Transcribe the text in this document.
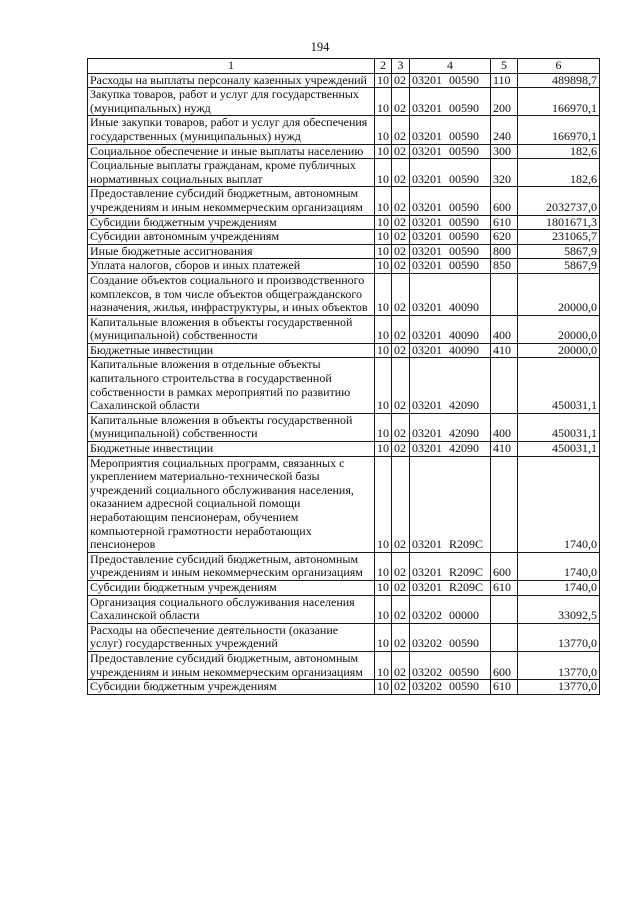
194
1	2	3	4	5	6
Расходы на выплаты персоналу казенных учреждений	10	02	03201 00590	110	489898,7
Закупка товаров, работ и услуг для государственных (муниципальных) нужд	10	02	03201 00590	200	166970,1
Иные закупки товаров, работ и услуг для обеспечения государственных (муниципальных) нужд	10	02	03201 00590	240	166970,1
Социальное обеспечение и иные выплаты населению	10	02	03201 00590	300	182,6
Социальные выплаты гражданам, кроме публичных нормативных социальных выплат	10	02	03201 00590	320	182,6
Предоставление субсидий бюджетным, автономным учреждениям и иным некоммерческим организациям	10	02	03201 00590	600	2032737,0
Субсидии бюджетным учреждениям	10	02	03201 00590	610	1801671,3
Субсидии автономным учреждениям	10	02	03201 00590	620	231065,7
Иные бюджетные ассигнования	10	02	03201 00590	800	5867,9
Уплата налогов, сборов и иных платежей	10	02	03201 00590	850	5867,9
Создание объектов социального и производственного комплексов, в том числе объектов общегражданского назначения, жилья, инфраструктуры, и иных объектов	10	02	03201 40090		20000,0
Капитальные вложения в объекты государственной (муниципальной) собственности	10	02	03201 40090	400	20000,0
Бюджетные инвестиции	10	02	03201 40090	410	20000,0
Капитальные вложения в отдельные объекты капитального строительства в государственной собственности в рамках мероприятий по развитию Сахалинской области	10	02	03201 42090		450031,1
Капитальные вложения в объекты государственной (муниципальной) собственности	10	02	03201 42090	400	450031,1
Бюджетные инвестиции	10	02	03201 42090	410	450031,1
Мероприятия социальных программ, связанных с укреплением материально-технической базы учреждений социального обслуживания населения, оказанием адресной социальной помощи неработающим пенсионерам, обучением компьютерной грамотности неработающих пенсионеров	10	02	03201 R209C		1740,0
Предоставление субсидий бюджетным, автономным учреждениям и иным некоммерческим организациям	10	02	03201 R209C	600	1740,0
Субсидии бюджетным учреждениям	10	02	03201 R209C	610	1740,0
Организация социального обслуживания населения Сахалинской области	10	02	03202 00000		33092,5
Расходы на обеспечение деятельности (оказание услуг) государственных учреждений	10	02	03202 00590		13770,0
Предоставление субсидий бюджетным, автономным учреждениям и иным некоммерческим организациям	10	02	03202 00590	600	13770,0
Субсидии бюджетным учреждениям	10	02	03202 00590	610	13770,0
